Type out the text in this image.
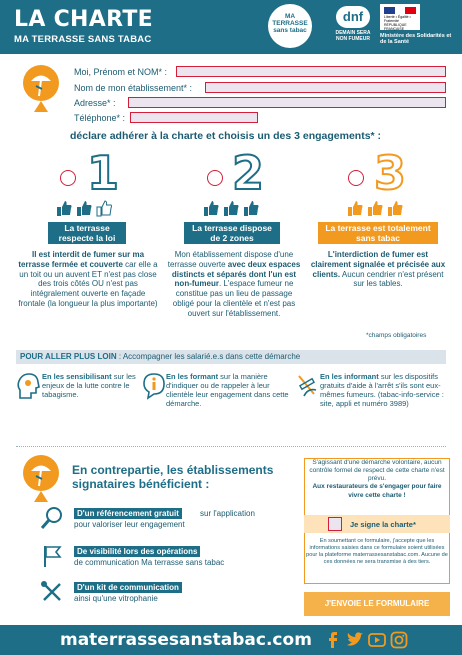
LA CHARTE
MA TERRASSE SANS TABAC
MA TERRASSE sans tabac
dnf
DEMAIN SERA NON FUMEUR
Liberté • Égalité • Fraternité RÉPUBLIQUE FRANÇAISE
Ministère des Solidarités et de la Santé
Moi, Prénom et NOM* :
Nom de mon établissement* :
Adresse* :
Téléphone* :
déclare adhérer à la charte et choisis un des 3 engagements* :
1
La terrasse respecte la loi
Il est interdit de fumer sur ma terrasse fermée et couverte car elle a un toit ou un auvent ET n'est pas close des trois côtés OU n'est pas intégralement ouverte en façade frontale (la longueur la plus importante)
2
La terrasse dispose de 2 zones
Mon établissement dispose d'une terrasse ouverte avec deux espaces distincts et séparés dont l'un est non-fumeur. L'espace fumeur ne constitue pas un lieu de passage obligé pour la clientèle et n'est pas ouvert sur l'établissement.
3
La terrasse est totalement sans tabac
L'interdiction de fumer est clairement signalée et précisée aux clients. Aucun cendrier n'est présent sur les tables.
*champs obligatoires
POUR ALLER PLUS LOIN : Accompagner les salarié.e.s dans cette démarche
En les sensibilisant sur les enjeux de la lutte contre le tabagisme.
En les formant sur la manière d'indiquer ou de rappeler à leur clientèle leur engagement dans cette démarche.
En les informant sur les dispositifs gratuits d'aide à l'arrêt s'ils sont eux-mêmes fumeurs. (tabac-info-service : site, appli et numéro 3989)
En contrepartie, les établissements signataires bénéficient :
D'un référencement gratuit	sur l'application
pour valoriser leur engagement
De visibilité lors des opérations
de communication Ma terrasse sans tabac
D'un kit de communication
ainsi qu'une vitrophanie
S'agissant d'une démarche volontaire, aucun contrôle formel de respect de cette charte n'est prévu.
Aux restaurateurs de s'engager pour faire vivre cette charte !
Je signe la charte*
En soumettant ce formulaire, j'accepte que les informations saisies dans ce formulaire soient utilisées pour la plateforme materrassesanstabac.com. Aucune de ces données ne sera transmise à des tiers.
J'ENVOIE LE FORMULAIRE
materrassesanstabac.com
